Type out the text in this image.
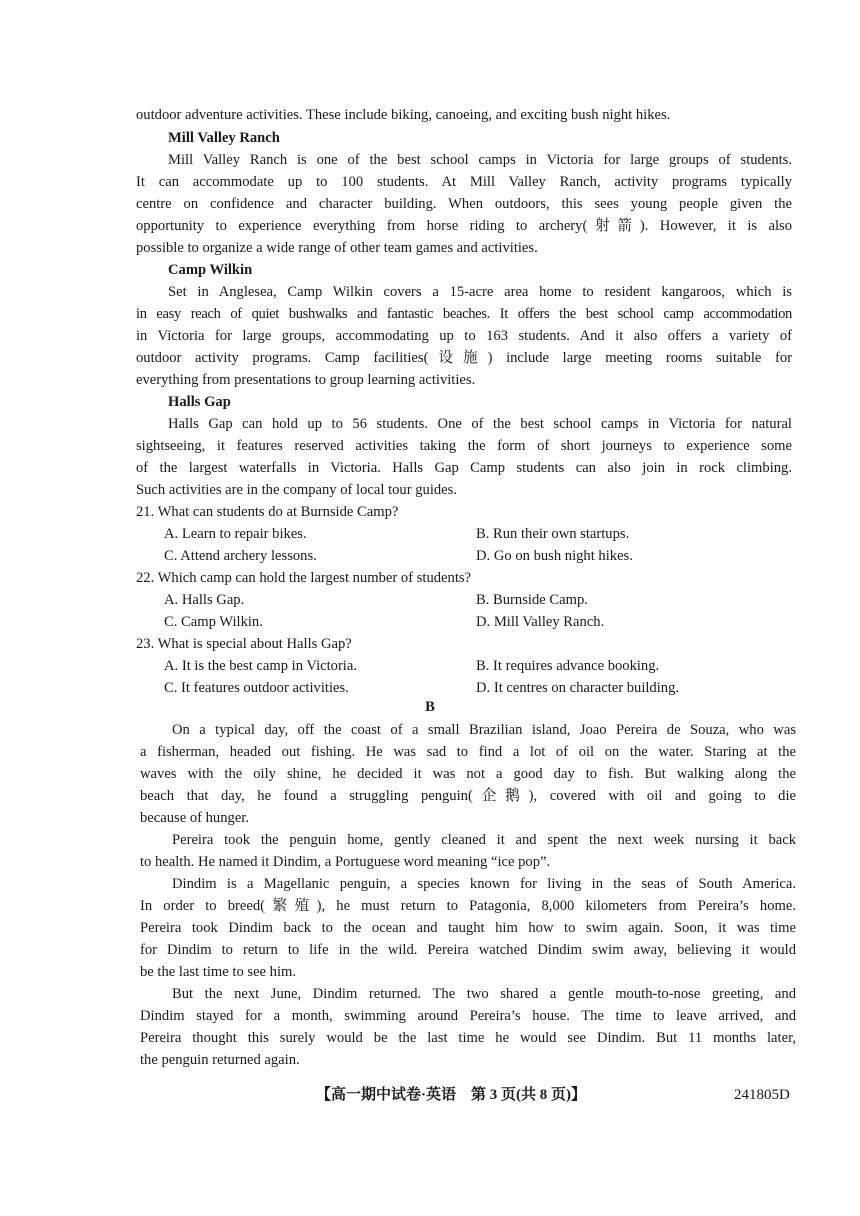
outdoor adventure activities. These include biking, canoeing, and exciting bush night hikes.
Mill Valley Ranch
Mill Valley Ranch is one of the best school camps in Victoria for large groups of students.
It can accommodate up to 100 students. At Mill Valley Ranch, activity programs typically
centre on confidence and character building. When outdoors, this sees young people given the
opportunity to experience everything from horse riding to archery(射箭). However, it is also
possible to organize a wide range of other team games and activities.
Camp Wilkin
Set in Anglesea, Camp Wilkin covers a 15-acre area home to resident kangaroos, which is
in easy reach of quiet bushwalks and fantastic beaches. It offers the best school camp accommodation
in Victoria for large groups, accommodating up to 163 students. And it also offers a variety of
outdoor activity programs. Camp facilities(设施) include large meeting rooms suitable for
everything from presentations to group learning activities.
Halls Gap
Halls Gap can hold up to 56 students. One of the best school camps in Victoria for natural
sightseeing, it features reserved activities taking the form of short journeys to experience some
of the largest waterfalls in Victoria. Halls Gap Camp students can also join in rock climbing.
Such activities are in the company of local tour guides.
21. What can students do at Burnside Camp?
A. Learn to repair bikes.	B. Run their own startups.
C. Attend archery lessons.	D. Go on bush night hikes.
22. Which camp can hold the largest number of students?
A. Halls Gap.	B. Burnside Camp.
C. Camp Wilkin.	D. Mill Valley Ranch.
23. What is special about Halls Gap?
A. It is the best camp in Victoria.	B. It requires advance booking.
C. It features outdoor activities.	D. It centres on character building.
B
On a typical day, off the coast of a small Brazilian island, Joao Pereira de Souza, who was
a fisherman, headed out fishing. He was sad to find a lot of oil on the water. Staring at the
waves with the oily shine, he decided it was not a good day to fish. But walking along the
beach that day, he found a struggling penguin(企鹅), covered with oil and going to die
because of hunger.
Pereira took the penguin home, gently cleaned it and spent the next week nursing it back
to health. He named it Dindim, a Portuguese word meaning “ice pop”.
Dindim is a Magellanic penguin, a species known for living in the seas of South America.
In order to breed(繁殖), he must return to Patagonia, 8,000 kilometers from Pereira’s home.
Pereira took Dindim back to the ocean and taught him how to swim again. Soon, it was time
for Dindim to return to life in the wild. Pereira watched Dindim swim away, believing it would
be the last time to see him.
But the next June, Dindim returned. The two shared a gentle mouth-to-nose greeting, and
Dindim stayed for a month, swimming around Pereira’s house. The time to leave arrived, and
Pereira thought this surely would be the last time he would see Dindim. But 11 months later,
the penguin returned again.
【高一期中试卷·英语　第 3 页(共 8 页)】	241805D
